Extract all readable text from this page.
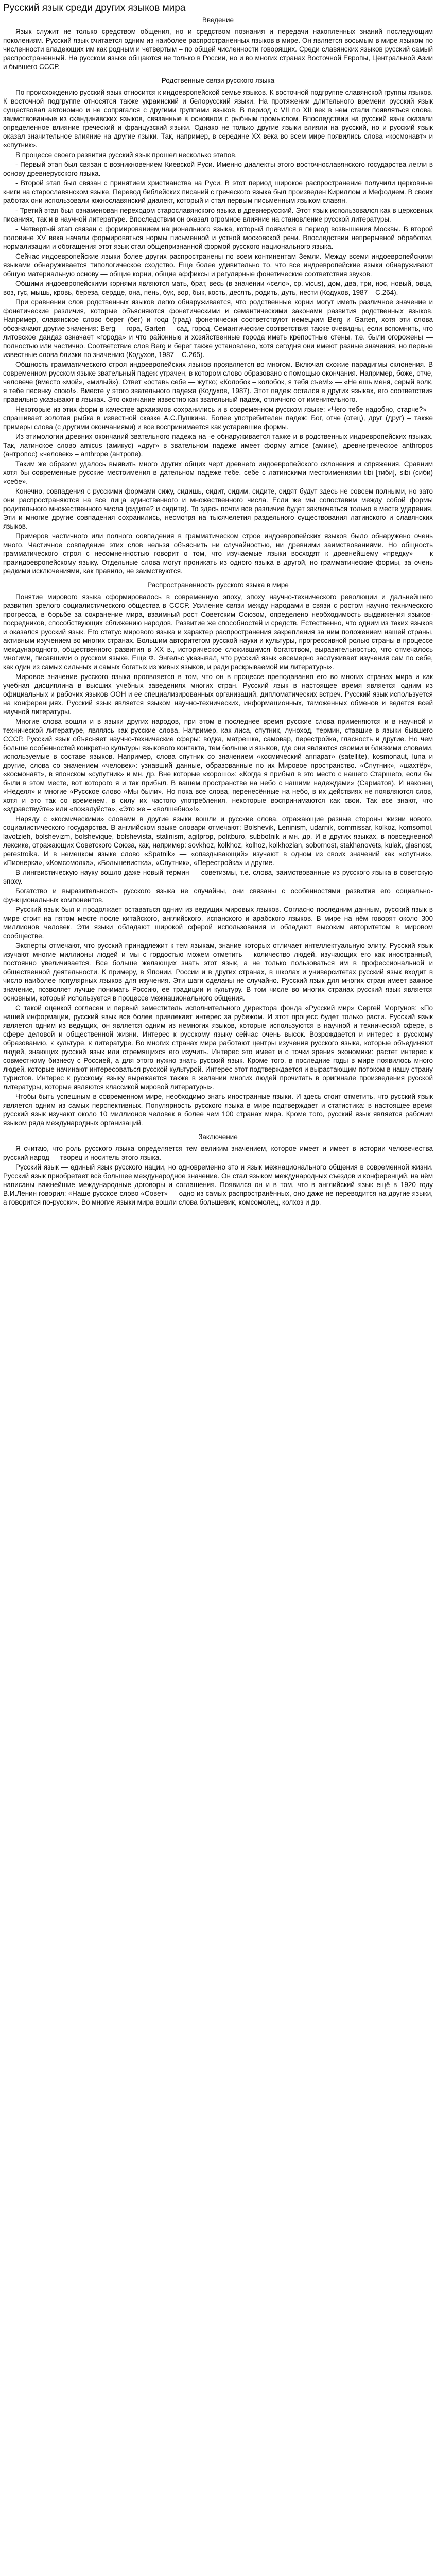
Русский язык среди других языков мира
Введение

Язык служит не только средством общения, но и средством познания и передачи накопленных знаний последующим поколениям. Русский язык считается одним из наиболее распространенных языков в мире. Он является восьмым в мире языком по численности владеющих им как родным и четвертым – по общей численности говорящих. Среди славянских языков русский самый распространенный. На русском языке общаются не только в России, но и во многих странах Восточной Европы, Центральной Азии и бывшего СССР.

Родственные связи русского языка

По происхождению русский язык относится к индоевропейской семье языков. К восточной подгруппе славянской группы языков. К восточной подгруппе относятся также украинский и белорусский языки. На протяжении длительного времени русский язык существовал автономно и не сопрягался с другими группами языков. В период с VII по XII век в нем стали появляться слова, заимствованные из скандинавских языков, связанные в основном с рыбным промыслом. Впоследствии на русский язык оказали определенное влияние греческий и французский языки. Однако не только другие языки влияли на русский, но и русский язык оказал значительное влияние на другие языки. Так, например, в середине XX века во всем мире появились слова «космонавт» и «спутник».

В процессе своего развития русский язык прошел несколько этапов.

- Первый этап был связан с возникновением Киевской Руси. Именно диалекты этого восточнославянского государства легли в основу древнерусского языка.

- Второй этап был связан с принятием христианства на Руси. В этот период широкое распространение получили церковные книги на старославянском языке. Перевод библейских писаний с греческого языка был произведен Кириллом и Мефодием. В своих работах они использовали южнославянский диалект, который и стал первым письменным языком славян.

- Третий этап был ознаменован переходом старославянского языка в древнерусский. Этот язык использовался как в церковных писаниях, так и в научной литературе. Впоследствии он оказал огромное влияние на становление русской литературы.

- Четвертый этап связан с формированием национального языка, который появился в период возвышения Москвы. В второй половине XV века начали формироваться нормы письменной и устной московской речи. Впоследствии непрерывной обработки, нормализации и обогащения этот язык стал общепризнанной формой русского национального языка.

Сейчас индоевропейские языки более других распространены по всем континентам Земли. Между всеми индоевропейскими языками обнаруживается типологическое сходство. Еще более удивительно то, что все индоевропейские языки обнаруживают общую материальную основу — общие корни, общие аффиксы и регулярные фонетические соответствия звуков.

Общими индоевропейскими корнями являются мать, брат, весь (в значении «село», ср. vicus), дом, два, три, нос, новый, овца, воз, гус, мышь, кровь, береза, сердце, она, пень, бук, вор, бык, кость, десять, родить, дуть, нести (Кодухов, 1987 – С.264).

При сравнении слов родственных языков легко обнаруживается, что родственные корни могут иметь различное значение и фонетические различия, которые объясняются фонетическими и семантическими законами развития родственных языков. Например, славянское слово берег (бег) и гоод (град) фонетически соответствуют немецким Berg и Garten, хотя эти слова обозначают другие значения: Berg — гора, Garten — сад, город. Семантические соответствия также очевидны, если вспомнить, что литовское дандаз означает «города» и что районные и хозяйственные города иметь крепостные стены, т.е. были огорожены — полностью или частично. Соответствие слов Berg и берег также установлено, хотя сегодня они имеют разные значения, но первые известные слова близки по значению (Кодухов, 1987 – С.265).

Общность грамматического строя индоевропейских языков проявляется во многом. Включая схожие парадигмы склонения. В современном русском языке звательный падеж утрачен, в котором слово образовано с помощью окончания. Например, боже, отче, человече (вместо «мой», «милый»). Ответ «оставь себе — жутко; «Колобок – колобок, я тебя съем!» — «Не ешь меня, серый волк, я тебе песенку спою!». Вместе у этого звательного падежа (Кодухов, 1987). Этот падеж остался в других языках, его соответствия правильно указывают в языках. Это окончание известно как звательный падеж, отличного от именительного.

Некоторые из этих форм в качестве архаизмов сохранились и в современном русском языке: «Чего тебе надобно, старче?» – спрашивает золотая рыбка в известной сказке А.С.Пушкина. Более употребителен падеж: Бог, отче (отец), друг (друг) – также примеры слова (с другими окончаниями) и все воспринимается как устаревшие формы.

Из этимологии древних окончаний звательного падежа на -е обнаруживается также и в родственных индоевропейских языках. Так, латинское слово amicus (амикус) «друг» в звательном падеже имеет форму amice (амике), древнегреческое anthropos (антропос) «человек» – anthrope (антропе).

Таким же образом удалось выявить много других общих черт древнего индоевропейского склонения и спряжения. Сравним хотя бы современные русские местоимения в дательном падеже тебе, себе с латинскими местоимениями tibi [тиби], sibi (сиби) «себе».

Конечно, совпадения с русскими формами сижу, сидишь, сидит, сидим, сидите, сидят будут здесь не совсем полными, но зато они распространяются на все лица единственного и множественного числа. Если же мы сопоставим между собой формы родительного множественного числа (сидите? и сидите). То здесь почти все различие будет заключаться только в месте ударения. Эти и многие другие совпадения сохранились, несмотря на тысячелетия раздельного существования латинского и славянских языков.

Примеров частичного или полного совпадения в грамматическом строе индоевропейских языков было обнаружено очень много. Частичное совпадение этих слов нельзя объяснить ни случайностью, ни древними заимствованиями. Но общность грамматического строя с несомненностью говорит о том, что изучаемые языки восходят к древнейшему «предку» — к праиндоевропейскому языку. Отдельные слова могут проникать из одного языка в другой, но грамматические формы, за очень редкими исключениями, как правило, не заимствуются.

Распространенность русского языка в мире

Понятие мирового языка сформировалось в современную эпоху, эпоху научно-технического революции и дальнейшего развития зрелого социалистического общества в СССР. Усиление связи между народами в связи с ростом научно-технического прогресса, в борьбе за сохранение мира, взаимный рост Советским Союзом, определено необходимость выдвижения языков-посредников, способствующих сближению народов. Развитие же способностей и средств. Естественно, что одним из таких языков и оказался русский язык. Его статус мирового языка и характер распространения закрепления за ним положением нашей страны, активным изучением во многих странах. Большим авторитетом русской науки и культуры, прогрессивной ролью страны в процессе международного, общественного развития в XX в., историческое сложившимся богатством, выразительностью, что отмечалось многими, писавшими о русском языке. Еще Ф. Энгельс указывал, что русский язык «всемерно заслуживает изучения сам по себе, как один из самых сильных и самых богатых из живых языков, и ради раскрываемой им литературы».

Мировое значение русского языка проявляется в том, что он в процессе преподавания его во многих странах мира и как учебная дисциплина в высших учебных заведениях многих стран. Русский язык в настоящее время является одним из официальных и рабочих языков ООН и ее специализированных организаций, дипломатических встреч. Русский язык используется на конференциях. Русский язык является языком научно-технических, информационных, таможенных обменов и ведется всей научной литературы.

Многие слова вошли и в языки других народов, при этом в последнее время русские слова применяются и в научной и технической литературе, являясь как русские слова. Например, как лиса, спутник, луноход, термин, ставшие в языки бывшего СССР. Русский язык объясняет научно-технические сферы: водка, матрешка, самовар, перестройка, гласность и другие. Но чем больше особенностей конкретно культуры языкового контакта, тем больше и языков, где они являются своими и близкими словами, используемые в составе языков. Например, слова спутник со значением «космический аппарат» (satellite), kosmonaut, luna и другие, слова со значением «человек»: узнавший данные, образованные по их Мировое пространство. «Спутник», «шахтёр», «космонавт», в японском «супутник» и мн. др. Вне которые «хорошо»: «Когда я прибыл в это место с нашего Старшего, если бы были в этом месте, вот которого я и так прибыл. В вашем пространстве на небо с нашими надеждами» (Сарматов). И наконец «Неделя» и многие «Русское слово «Мы были». Но пока все слова, перенесённые на небо, в их действиях не появляются слов, хотя и это так со временем, в силу их частого употребления, некоторые воспринимаются как свои. Так все знают, что «здравствуйте» или «пожалуйста», «Это же – «волшебно»!».

Наряду с «космическими» словами в другие языки вошли и русские слова, отражающие разные стороны жизни нового, социалистического государства. В английском языке словари отмечают: Bolshevik, Leninism, udarnik, commissar, kolkoz, komsomol, lavotzieh, bolshevizm, bolshevique, bolshevista, stalinism, agitprop, politburo, subbotnik и мн. др. И в других языках, в повседневной лексике, отражающих Советского Союза, как, например: sovkhoz, kolkhoz, kolhoz, kolkhozian, sobornost, stakhanovets, kulak, glasnost, perestroika. И в немецком языке слово «Spatnik» — «опаздывающий» изучают в одном из своих значений как «спутник», «Пионерка», «Комсомолка», «Большевистка», «Спутник», «Перестройка» и другие.

В лингвистическую науку вошло даже новый термин — советизмы, т.е. слова, заимствованные из русского языка в советскую эпоху.

Богатство и выразительность русского языка не случайны, они связаны с особенностями развития его социально-функциональных компонентов.

Русский язык был и продолжает оставаться одним из ведущих мировых языков. Согласно последним данным, русский язык в мире стоит на пятом месте после китайского, английского, испанского и арабского языков. В мире на нём говорят около 300 миллионов человек. Эти языки обладают широкой сферой использования и обладают высоким авторитетом в мировом сообществе.

Эксперты отмечают, что русский принадлежит к тем языкам, знание которых отличает интеллектуальную элиту. Русский язык изучают многие миллионы людей и мы с гордостью можем отметить – количество людей, изучающих его как иностранный, постоянно увеличивается. Все больше желающих знать этот язык, а не только пользоваться им в профессиональной и общественной деятельности. К примеру, в Японии, России и в других странах, в школах и университетах русский язык входит в число наиболее популярных языков для изучения. Эти шаги сделаны не случайно. Русский язык для многих стран имеет важное значение, позволяет лучше понимать Россию, ее традиции и культуру. В том числе во многих странах русский язык является основным, который используется в процессе межнационального общения.

С такой оценкой согласен и первый заместитель исполнительного директора фонда «Русский мир» Сергей Моргунов: «По нашей информации, русский язык все более привлекает интерес за рубежом. И этот процесс будет только расти. Русский язык является одним из ведущих, он является одним из немногих языков, которые используются в научной и технической сфере, в сфере деловой и общественной жизни. Интерес к русскому языку сейчас очень высок. Возрождается и интерес к русскому образованию, к культуре, к литературе. Во многих странах мира работают центры изучения русского языка, которые объединяют людей, знающих русский язык или стремящихся его изучить. Интерес это имеет и с точки зрения экономики: растет интерес к совместному бизнесу с Россией, а для этого нужно знать русский язык. Кроме того, в последние годы в мире появилось много людей, которые начинают интересоваться русской культурой. Интерес этот подтверждается и вырастающим потоком в нашу страну туристов. Интерес к русскому языку выражается также в желании многих людей прочитать в оригинале произведения русской литературы, которые являются классикой мировой литературы».

Чтобы быть успешным в современном мире, необходимо знать иностранные языки. И здесь стоит отметить, что русский язык является одним из самых перспективных. Популярность русского языка в мире подтверждает и статистика: в настоящее время русский язык изучают около 10 миллионов человек в более чем 100 странах мира. Кроме того, русский язык является рабочим языком ряда международных организаций.

Заключение

Я считаю, что роль русского языка определяется тем великим значением, которое имеет и имеет в истории человечества русский народ — творец и носитель этого языка.

Русский язык — единый язык русского нации, но одновременно это и язык межнационального общения в современной жизни. Русский язык приобретает всё большее международное значение. Он стал языком международных съездов и конференций, на нём написаны важнейшие международные договоры и соглашения. Появился он и в том, что в английский язык ещё в 1920 году В.И.Ленин говорил: «Наше русское слово «Совет» — одно из самых распространённых, оно даже не переводится на другие языки, а говорится по-русски». Во многие языки мира вошли слова большевик, комсомолец, колхоз и др.
